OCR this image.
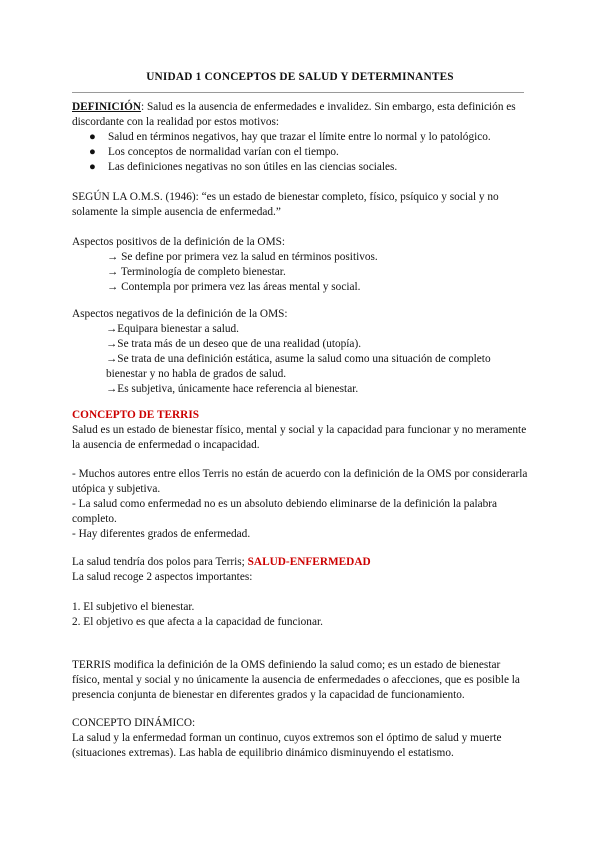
UNIDAD 1 CONCEPTOS DE SALUD Y DETERMINANTES

DEFINICIÓN: Salud es la ausencia de enfermedades e invalidez. Sin embargo, esta definición es discordante con la realidad por estos motivos:

● Salud en términos negativos, hay que trazar el límite entre lo normal y lo patológico.
● Los conceptos de normalidad varían con el tiempo.
● Las definiciones negativas no son útiles en las ciencias sociales.

SEGÚN LA O.M.S. (1946): “es un estado de bienestar completo, físico, psíquico y social y no solamente la simple ausencia de enfermedad.”

Aspectos positivos de la definición de la OMS:

→ Se define por primera vez la salud en términos positivos.
→ Terminología de completo bienestar.
→ Contempla por primera vez las áreas mental y social.

Aspectos negativos de la definición de la OMS:

→Equipara bienestar a salud.
→Se trata más de un deseo que de una realidad (utopía).
→Se trata de una definición estática, asume la salud como una situación de completo
bienestar y no habla de grados de salud.
→Es subjetiva, únicamente hace referencia al bienestar.

CONCEPTO DE TERRIS

Salud es un estado de bienestar físico, mental y social y la capacidad para funcionar y no meramente la ausencia de enfermedad o incapacidad.

- Muchos autores entre ellos Terris no están de acuerdo con la definición de la OMS por considerarla utópica y subjetiva.

- La salud como enfermedad no es un absoluto debiendo eliminarse de la definición la palabra completo.

- Hay diferentes grados de enfermedad.

La salud tendría dos polos para Terris; SALUD-ENFERMEDAD

La salud recoge 2 aspectos importantes:

1. El subjetivo el bienestar.

2. El objetivo es que afecta a la capacidad de funcionar.

TERRIS modifica la definición de la OMS definiendo la salud como; es un estado de bienestar físico, mental y social y no únicamente la ausencia de enfermedades o afecciones, que es posible la presencia conjunta de bienestar en diferentes grados y la capacidad de funcionamiento.

CONCEPTO DINÁMICO:

La salud y la enfermedad forman un continuo, cuyos extremos son el óptimo de salud y muerte (situaciones extremas). Las habla de equilibrio dinámico disminuyendo el estatismo.
